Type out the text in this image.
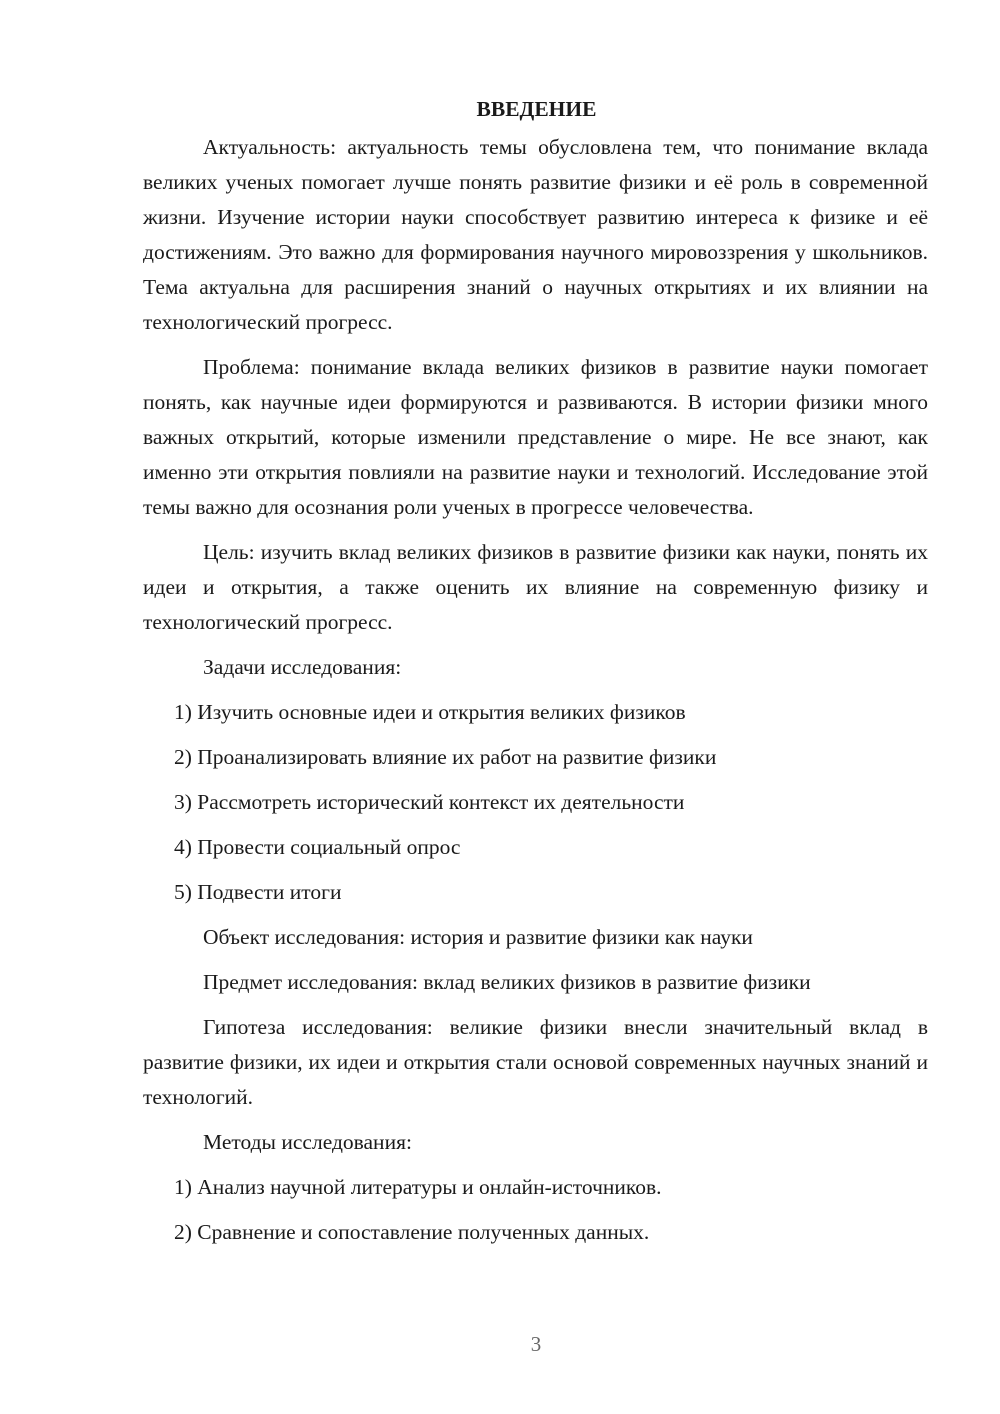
ВВЕДЕНИЕ

Актуальность: актуальность темы обусловлена тем, что понимание вклада великих ученых помогает лучше понять развитие физики и её роль в современной жизни. Изучение истории науки способствует развитию интереса к физике и её достижениям. Это важно для формирования научного мировоззрения у школьников. Тема актуальна для расширения знаний о научных открытиях и их влиянии на технологический прогресс.

Проблема: понимание вклада великих физиков в развитие науки помогает понять, как научные идеи формируются и развиваются. В истории физики много важных открытий, которые изменили представление о мире. Не все знают, как именно эти открытия повлияли на развитие науки и технологий. Исследование этой темы важно для осознания роли ученых в прогрессе человечества.

Цель: изучить вклад великих физиков в развитие физики как науки, понять их идеи и открытия, а также оценить их влияние на современную физику и технологический прогресс.

Задачи исследования:
1) Изучить основные идеи и открытия великих физиков
2) Проанализировать влияние их работ на развитие физики
3) Рассмотреть исторический контекст их деятельности
4) Провести социальный опрос
5) Подвести итоги
Объект исследования: история и развитие физики как науки
Предмет исследования: вклад великих физиков в развитие физики

Гипотеза исследования: великие физики внесли значительный вклад в развитие физики, их идеи и открытия стали основой современных научных знаний и технологий.

Методы исследования:
1) Анализ научной литературы и онлайн-источников.
2) Сравнение и сопоставление полученных данных.
3
